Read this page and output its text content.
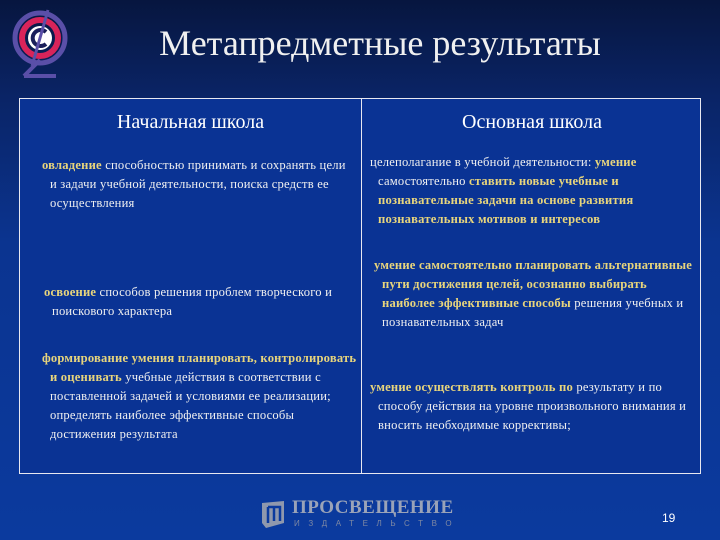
Метапредметные результаты
Начальная школа
овладение способностью принимать и сохранять цели и задачи учебной деятельности, поиска средств ее осуществления
освоение способов решения проблем творческого и поискового характера
формирование умения планировать, контролировать и оценивать учебные действия в соответствии с поставленной задачей и условиями ее реализации; определять наиболее эффективные способы достижения результата
Основная школа
целеполагание в учебной деятельности: умение самостоятельно ставить новые учебные и познавательные задачи на основе развития познавательных мотивов и интересов
умение самостоятельно планировать альтернативные пути достижения целей, осознанно выбирать наиболее эффективные способы решения учебных и познавательных задач
умение осуществлять контроль по результату и по способу действия на уровне произвольного внимания и вносить необходимые коррективы;
ПРОСВЕЩЕНИЕ
ИЗДАТЕЛЬСТВО	19
